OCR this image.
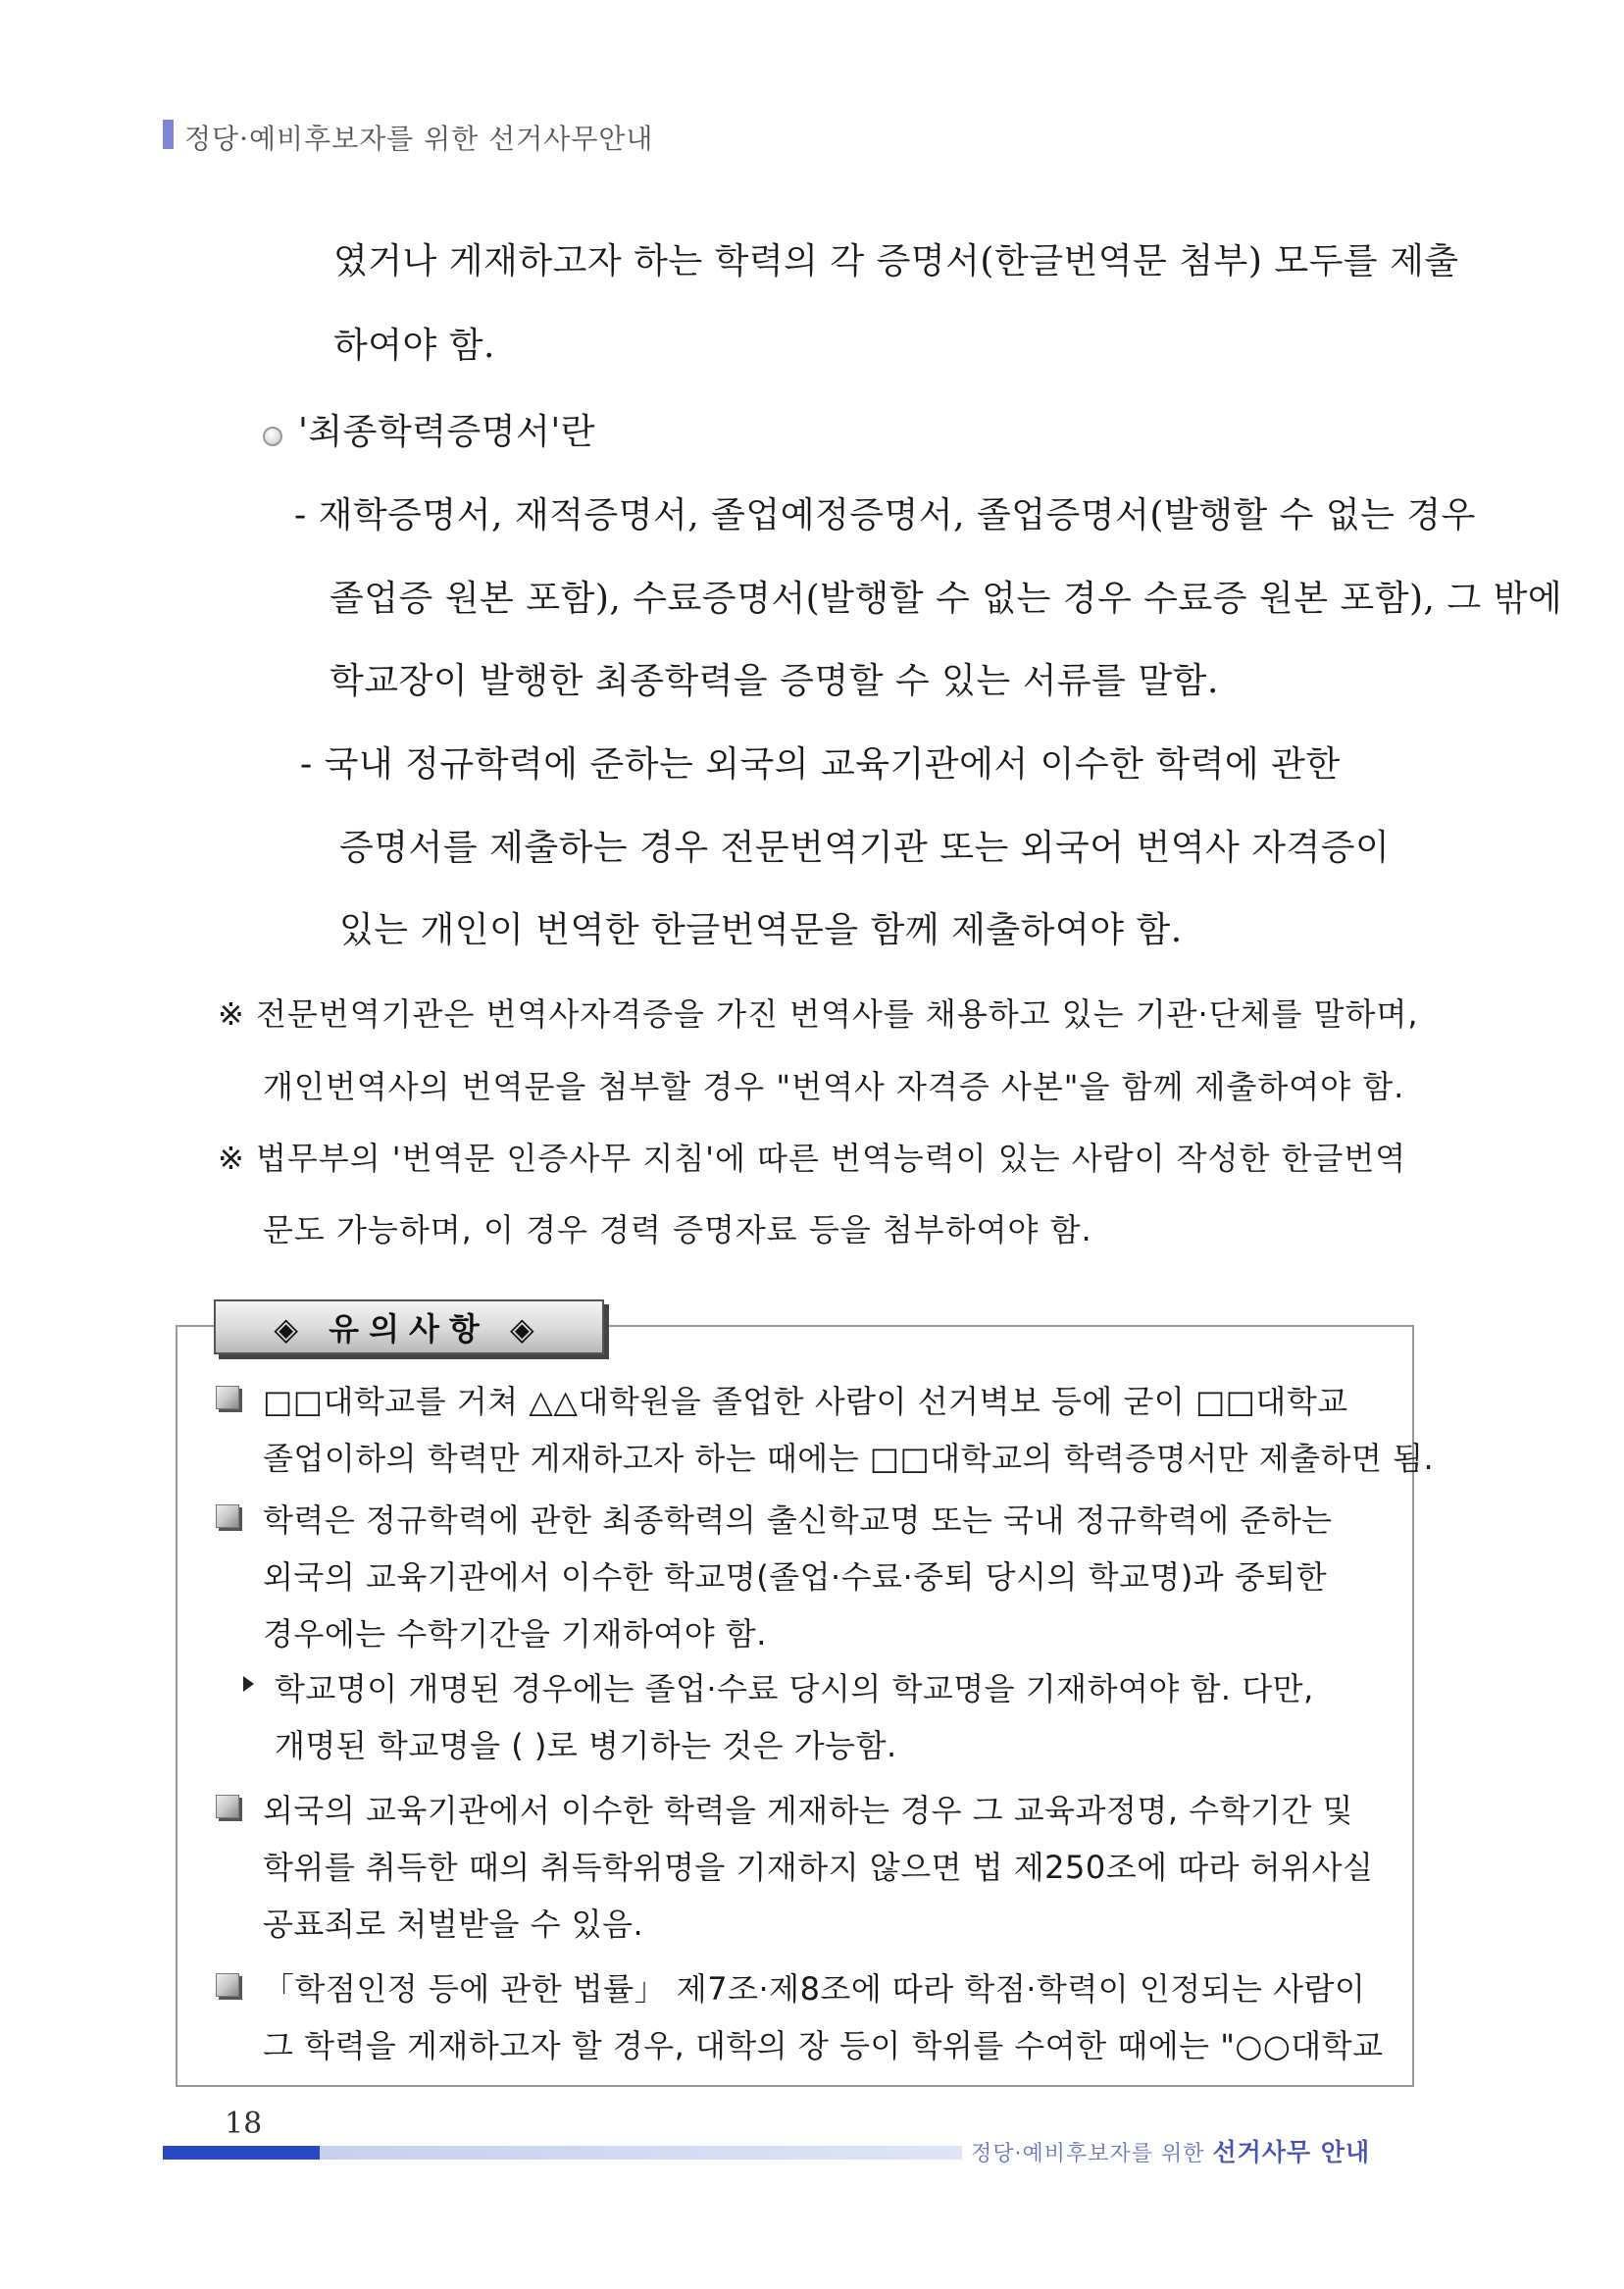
정당·예비후보자를 위한 선거사무안내
였거나 게재하고자 하는 학력의 각 증명서(한글번역문 첨부) 모두를 제출
하여야 함.
'최종학력증명서'란
- 재학증명서, 재적증명서, 졸업예정증명서, 졸업증명서(발행할 수 없는 경우
졸업증 원본 포함), 수료증명서(발행할 수 없는 경우 수료증 원본 포함), 그 밖에
학교장이 발행한 최종학력을 증명할 수 있는 서류를 말함.
- 국내 정규학력에 준하는 외국의 교육기관에서 이수한 학력에 관한
증명서를 제출하는 경우 전문번역기관 또는 외국어 번역사 자격증이
있는 개인이 번역한 한글번역문을 함께 제출하여야 함.
※ 전문번역기관은 번역사자격증을 가진 번역사를 채용하고 있는 기관·단체를 말하며,
개인번역사의 번역문을 첨부할 경우 "번역사 자격증 사본"을 함께 제출하여야 함.
※ 법무부의 '번역문 인증사무 지침'에 따른 번역능력이 있는 사람이 작성한 한글번역
문도 가능하며, 이 경우 경력 증명자료 등을 첨부하여야 함.
◈ 유의사항 ◈
□□대학교를 거쳐 △△대학원을 졸업한 사람이 선거벽보 등에 굳이 □□대학교
졸업이하의 학력만 게재하고자 하는 때에는 □□대학교의 학력증명서만 제출하면 됨.
학력은 정규학력에 관한 최종학력의 출신학교명 또는 국내 정규학력에 준하는
외국의 교육기관에서 이수한 학교명(졸업·수료·중퇴 당시의 학교명)과 중퇴한
경우에는 수학기간을 기재하여야 함.
학교명이 개명된 경우에는 졸업·수료 당시의 학교명을 기재하여야 함. 다만,
개명된 학교명을 ( )로 병기하는 것은 가능함.
외국의 교육기관에서 이수한 학력을 게재하는 경우 그 교육과정명, 수학기간 및
학위를 취득한 때의 취득학위명을 기재하지 않으면 법 제250조에 따라 허위사실
공표죄로 처벌받을 수 있음.
「학점인정 등에 관한 법률」 제7조·제8조에 따라 학점·학력이 인정되는 사람이
그 학력을 게재하고자 할 경우, 대학의 장 등이 학위를 수여한 때에는 "○○대학교
18
정당·예비후보자를 위한 선거사무 안내
